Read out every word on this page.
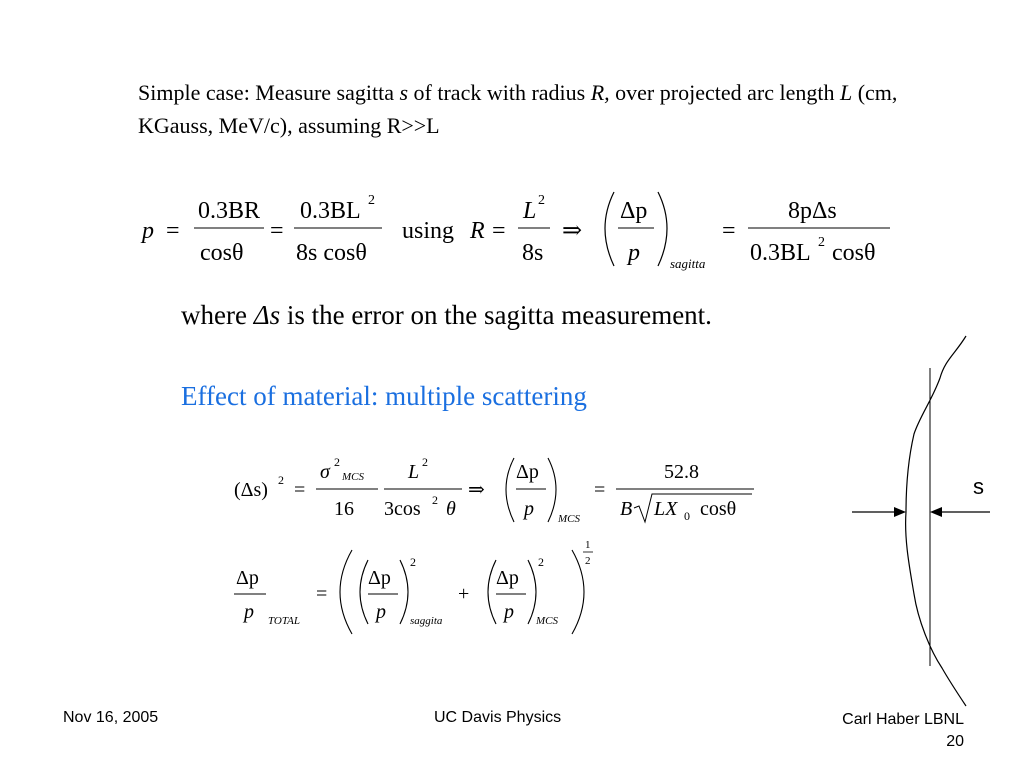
Simple case: Measure sagitta s of track with radius R, over projected arc length L (cm, KGauss, MeV/c), assuming R>>L
p =
0.3BR
cosθ
=
0.3BL 2
8s cosθ
using R =
L 2
8s
⇒
Δp
p sagitta
=
8pΔs
0.3BL 2 cosθ
where Δs is the error on the sagitta measurement.
Effect of material: multiple scattering
(Δs) 2 =
σ 2
MCS
16
L 2
3cos 2 θ
⇒
Δp
p MCS
=
52.8
B LX 0 cosθ
Δp
p TOTAL
=
Δp
p
2
saggita
+
Δp
p
2
MCS
1
2
s
Nov 16, 2005	UC Davis Physics	Carl Haber LBNL
20
